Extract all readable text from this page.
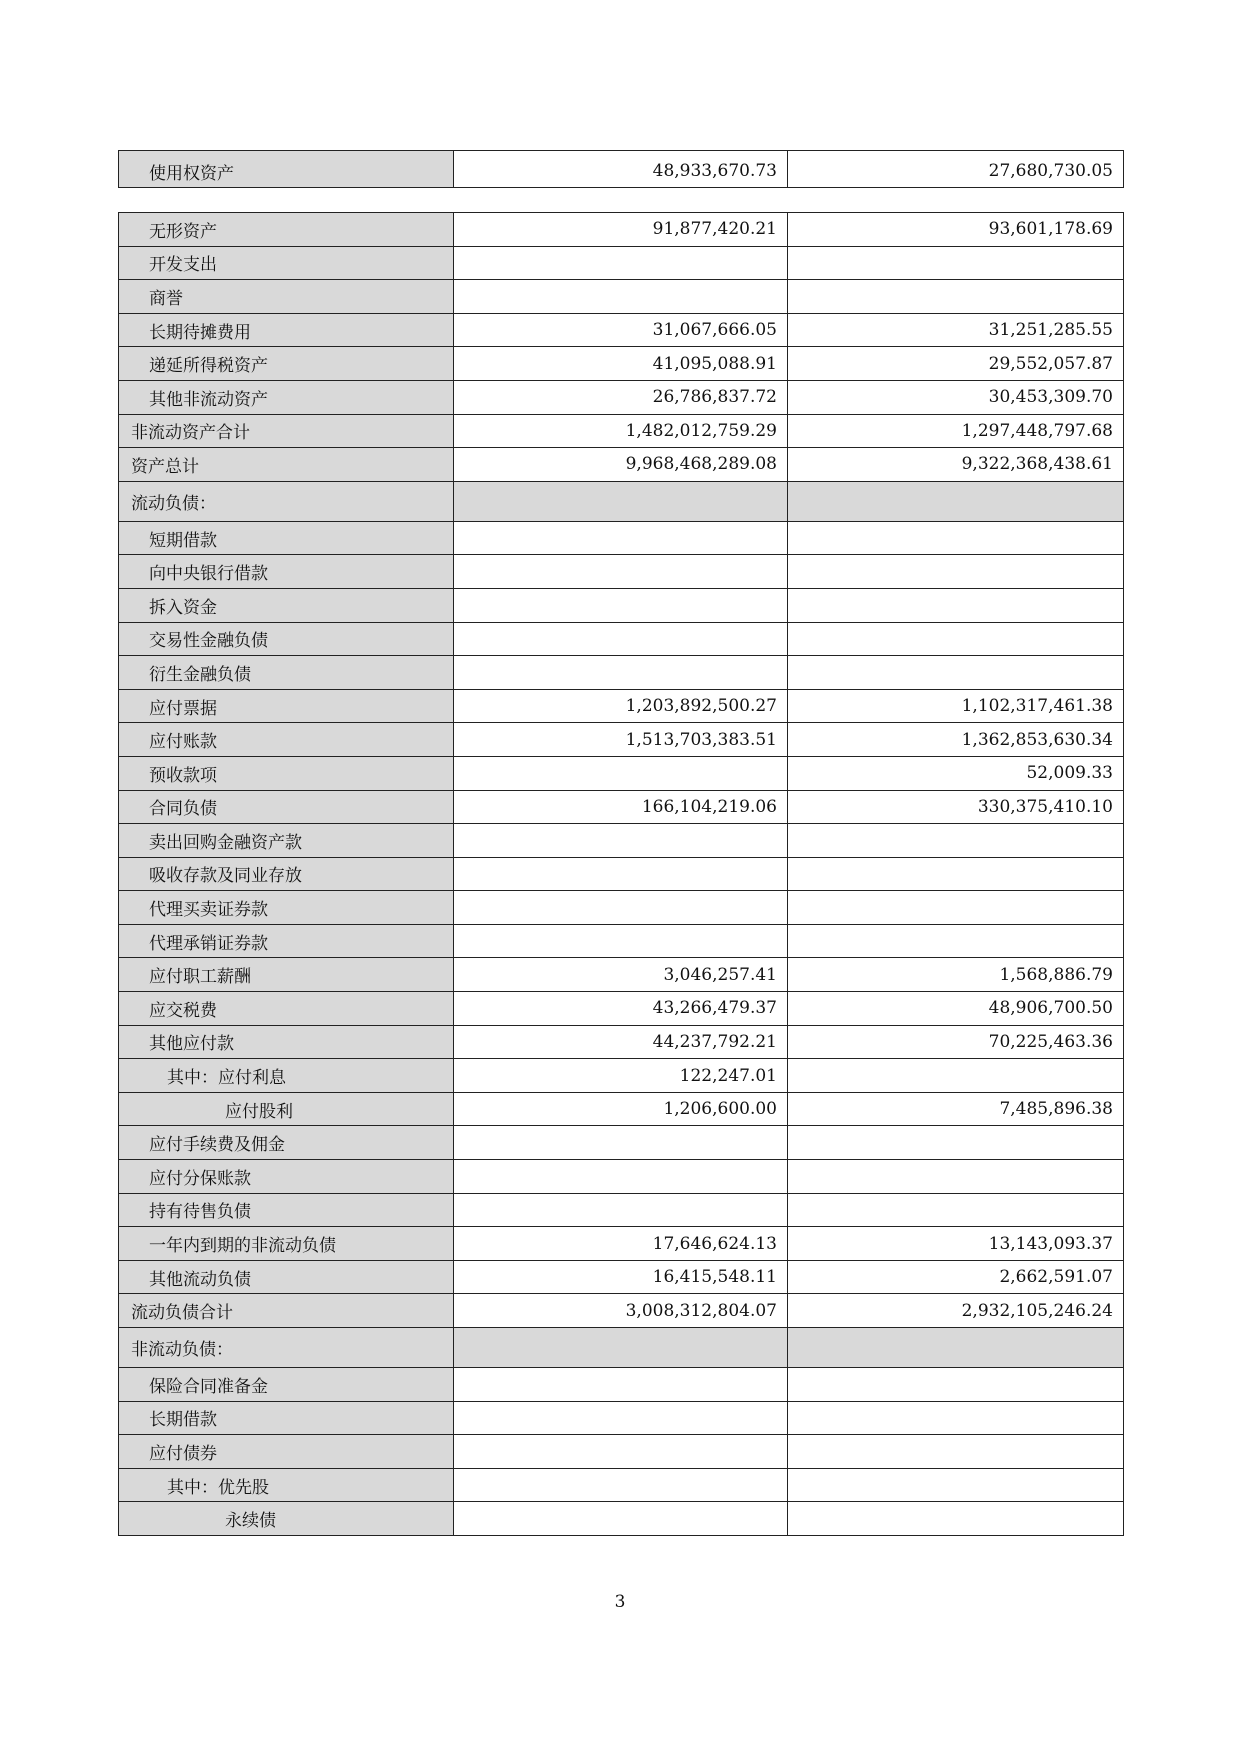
使用权资产	48,933,670.73	27,680,730.05
无形资产	91,877,420.21	93,601,178.69
开发支出		
商誉		
长期待摊费用	31,067,666.05	31,251,285.55
递延所得税资产	41,095,088.91	29,552,057.87
其他非流动资产	26,786,837.72	30,453,309.70
非流动资产合计	1,482,012,759.29	1,297,448,797.68
资产总计	9,968,468,289.08	9,322,368,438.61
流动负债：		
短期借款		
向中央银行借款		
拆入资金		
交易性金融负债		
衍生金融负债		
应付票据	1,203,892,500.27	1,102,317,461.38
应付账款	1,513,703,383.51	1,362,853,630.34
预收款项		52,009.33
合同负债	166,104,219.06	330,375,410.10
卖出回购金融资产款		
吸收存款及同业存放		
代理买卖证券款		
代理承销证券款		
应付职工薪酬	3,046,257.41	1,568,886.79
应交税费	43,266,479.37	48,906,700.50
其他应付款	44,237,792.21	70,225,463.36
其中：应付利息	122,247.01	
应付股利	1,206,600.00	7,485,896.38
应付手续费及佣金		
应付分保账款		
持有待售负债		
一年内到期的非流动负债	17,646,624.13	13,143,093.37
其他流动负债	16,415,548.11	2,662,591.07
流动负债合计	3,008,312,804.07	2,932,105,246.24
非流动负债：		
保险合同准备金		
长期借款		
应付债券		
其中：优先股		
永续债		
3
